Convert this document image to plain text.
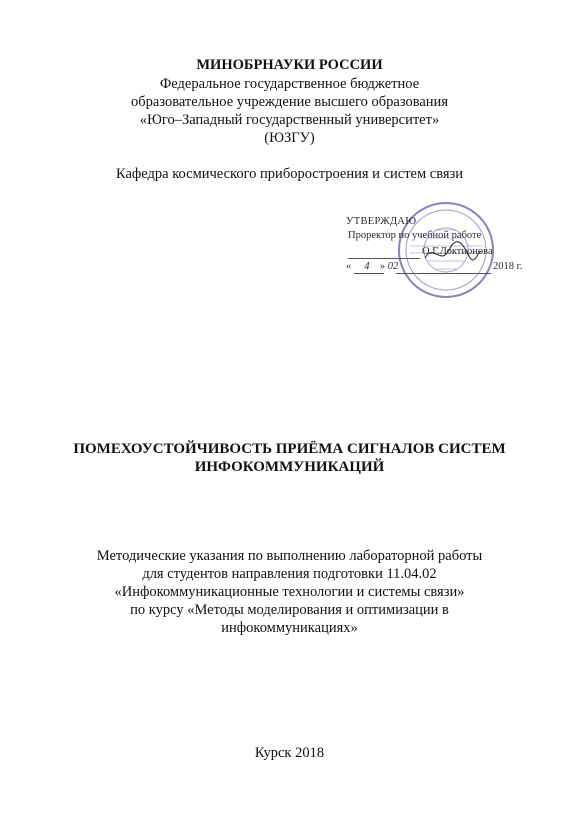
МИНОБРНАУКИ РОССИИ
Федеральное государственное бюджетное
образовательное учреждение высшего образования
«Юго–Западный государственный университет»
(ЮЗГУ)
Кафедра космического приборостроения и систем связи
УТВЕРЖДАЮ
Проректор по учебной работе
О.Г.Локтионова
« 4 » 02	2018 г.
ПОМЕХОУСТОЙЧИВОСТЬ ПРИЁМА СИГНАЛОВ СИСТЕМ
ИНФОКОММУНИКАЦИЙ
Методические указания по выполнению лабораторной работы
для студентов направления подготовки 11.04.02
«Инфокоммуникационные технологии и системы связи»
по курсу «Методы моделирования и оптимизации в
инфокоммуникациях»
Курск 2018
